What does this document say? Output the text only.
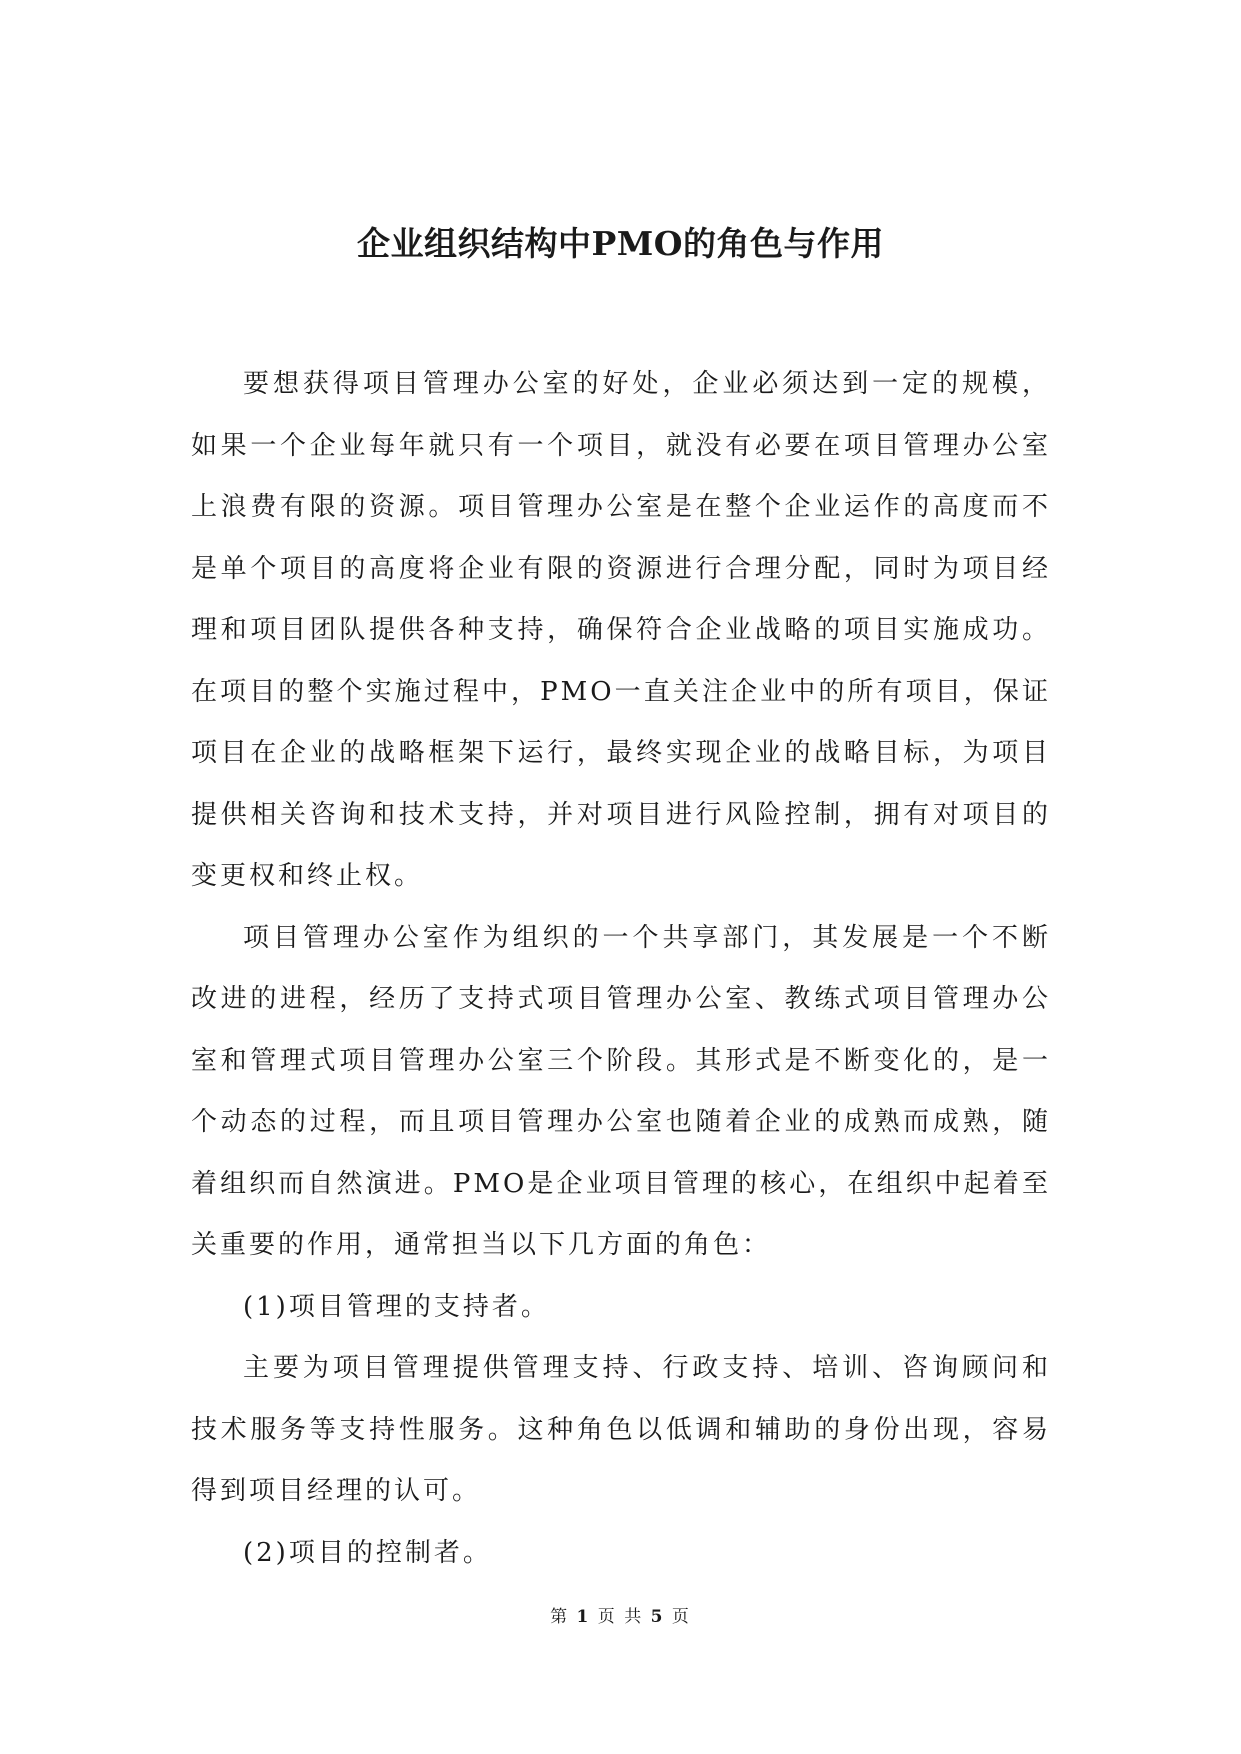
企业组织结构中PMO的角色与作用

要想获得项目管理办公室的好处，企业必须达到一定的规模，如果一个企业每年就只有一个项目，就没有必要在项目管理办公室上浪费有限的资源。项目管理办公室是在整个企业运作的高度而不是单个项目的高度将企业有限的资源进行合理分配，同时为项目经理和项目团队提供各种支持，确保符合企业战略的项目实施成功。在项目的整个实施过程中，PMO一直关注企业中的所有项目，保证项目在企业的战略框架下运行，最终实现企业的战略目标，为项目提供相关咨询和技术支持，并对项目进行风险控制，拥有对项目的变更权和终止权。

项目管理办公室作为组织的一个共享部门，其发展是一个不断改进的进程，经历了支持式项目管理办公室、教练式项目管理办公室和管理式项目管理办公室三个阶段。其形式是不断变化的，是一个动态的过程，而且项目管理办公室也随着企业的成熟而成熟，随着组织而自然演进。PMO是企业项目管理的核心，在组织中起着至关重要的作用，通常担当以下几方面的角色：

(1)项目管理的支持者。

主要为项目管理提供管理支持、行政支持、培训、咨询顾问和技术服务等支持性服务。这种角色以低调和辅助的身份出现，容易得到项目经理的认可。

(2)项目的控制者。

第 1 页 共 5 页
